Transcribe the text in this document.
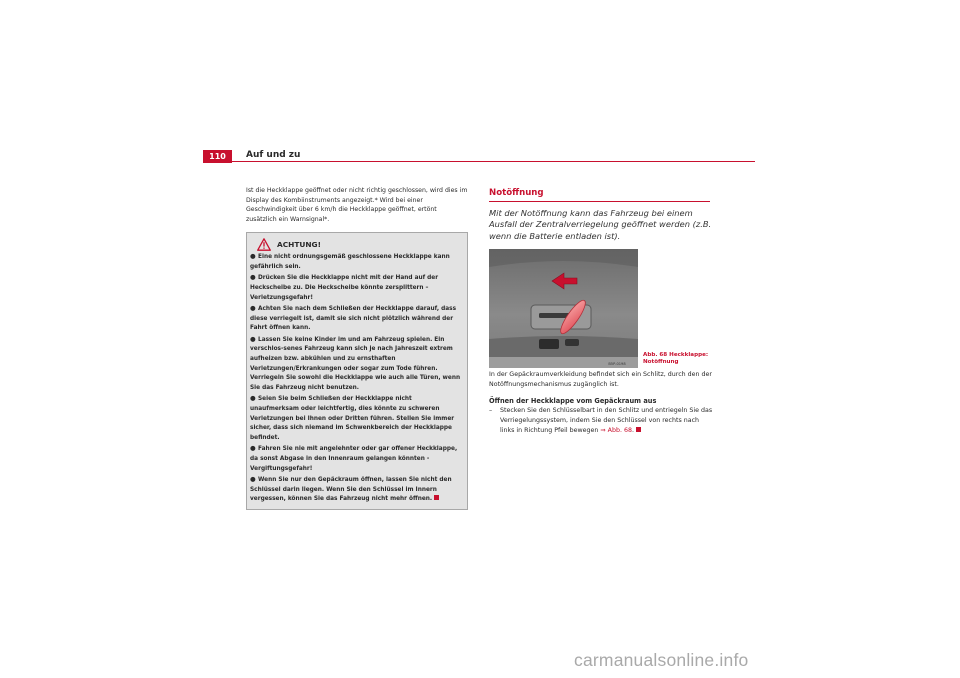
110	Auf und zu

Ist die Heckklappe geöffnet oder nicht richtig geschlossen, wird dies im Display des Kombiinstruments angezeigt.* Wird bei einer Geschwindigkeit über 6 km/h die Heckklappe geöffnet, ertönt zusätzlich ein Warnsignal*.

ACHTUNG!

● Eine nicht ordnungsgemäß geschlossene Heckklappe kann gefährlich sein.

● Drücken Sie die Heckklappe nicht mit der Hand auf der Heckscheibe zu. Die Heckscheibe könnte zersplittern – Verletzungsgefahr!

● Achten Sie nach dem Schließen der Heckklappe darauf, dass diese verriegelt ist, damit sie sich nicht plötzlich während der Fahrt öffnen kann.

● Lassen Sie keine Kinder im und am Fahrzeug spielen. Ein verschlos-senes Fahrzeug kann sich je nach Jahreszeit extrem aufheizen bzw. abkühlen und zu ernsthaften Verletzungen/Erkrankungen oder sogar zum Tode führen. Verriegeln Sie sowohl die Heckklappe wie auch alle Türen, wenn Sie das Fahrzeug nicht benutzen.

● Seien Sie beim Schließen der Heckklappe nicht unaufmerksam oder leichtfertig, dies könnte zu schweren Verletzungen bei Ihnen oder Dritten führen. Stellen Sie immer sicher, dass sich niemand im Schwenkbereich der Heckklappe befindet.

● Fahren Sie nie mit angelehnter oder gar offener Heckklappe, da sonst Abgase in den Innenraum gelangen könnten - Vergiftungsgefahr!

● Wenn Sie nur den Gepäckraum öffnen, lassen Sie nicht den Schlüssel darin liegen. Wenn Sie den Schlüssel im Innern vergessen, können Sie das Fahrzeug nicht mehr öffnen.

Notöffnung

Mit der Notöffnung kann das Fahrzeug bei einem Ausfall der Zentralverriegelung geöffnet werden (z.B. wenn die Batterie entladen ist).

B5P-0198
Abb. 68 Heckklappe:
Notöffnung

In der Gepäckraumverkleidung befindet sich ein Schlitz, durch den der Notöffnungsmechanismus zugänglich ist.

Öffnen der Heckklappe vom Gepäckraum aus

–	Stecken Sie den Schlüsselbart in den Schlitz und entriegeln Sie das Verriegelungssystem, indem Sie den Schlüssel von rechts nach links in Richtung Pfeil bewegen ⇒ Abb. 68.
carmanualsonline.info
